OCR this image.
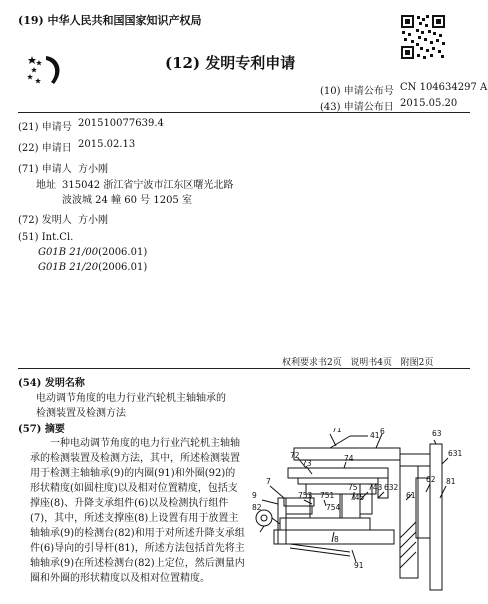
(19) 中华人民共和国国家知识产权局
(12) 发明专利申请
(10) 申请公布号 CN 104634297 A
(43) 申请公布日 2015.05.20
(21) 申请号 201510077639.4
(22) 申请日 2015.02.13
(71) 申请人 方小刚
地址 315042 浙江省宁波市江东区曙光北路
波波城 24 幢 60 号 1205 室
(72) 发明人 方小刚
(51) Int.Cl.
G01B 21/00(2006.01)
G01B 21/20(2006.01)
权利要求书2页   说明书4页   附图2页
(54) 发明名称
电动调节角度的电力行业汽轮机主轴轴承的
检测装置及检测方法
(57) 摘要
一种电动调节角度的电力行业汽轮机主轴轴承的检测装置及检测方法，其中，所述检测装置用于检测主轴轴承(9)的内圈(91)和外圈(92)的形状精度(如圆柱度)以及相对位置精度，包括支撑座(8)、升降支承组件(6)以及检测执行组件(7)，其中，所述支撑座(8)上设置有用于放置主轴轴承(9)的检测台(82)和用于对所述升降支承组件(6)导向的引导杆(81)，所述方法包括首先将主轴轴承(9)在所述检测台(82)上定位，然后测量内圈和外圈的形状精度以及相对位置精度。
71
41 6	63
72
73
74
631
7	62 81
9	753 751
75
745
743 632
82	754
61
8
91
